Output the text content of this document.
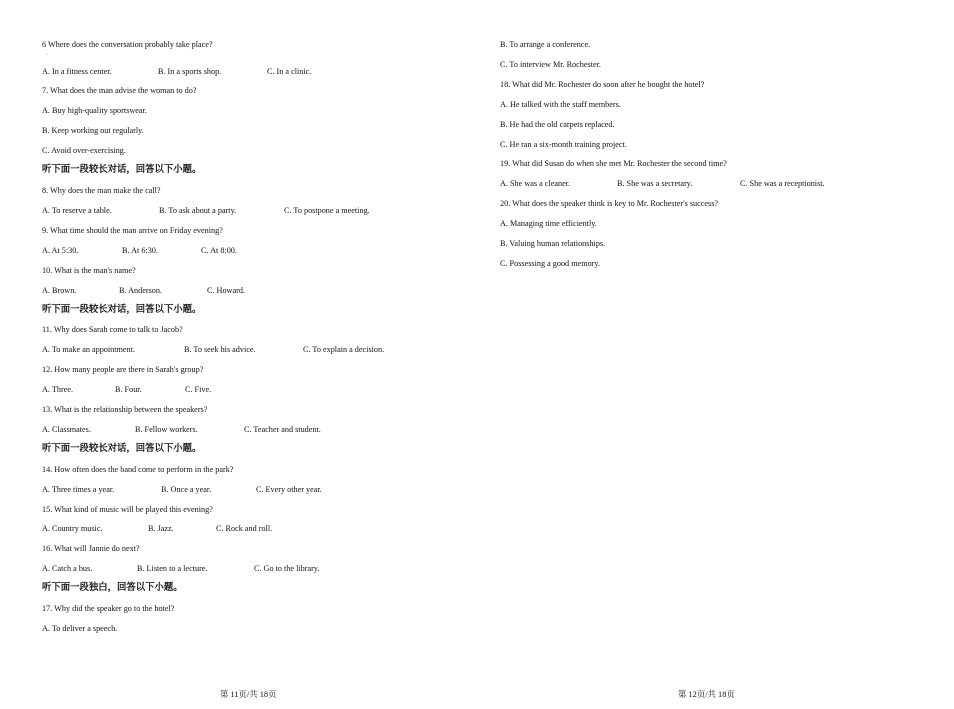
6 Where does the conversation probably take place?
·
A. In a fitness center.	B. In a sports shop.	C. In a clinic.
7. What does the man advise the woman to do?
A. Buy high-quality sportswear.
B. Keep working out regularly.
C. Avoid over-exercising.
听下面一段较长对话，回答以下小题。
8. Why does the man make the call?
A. To reserve a table.	B. To ask about a party.	C. To postpone a meeting.
9. What time should the man arrive on Friday evening?
A. At 5:30.	B. At 6:30.	C. At 8:00.
10. What is the man's name?
A. Brown.	B. Anderson.	C. Howard.
听下面一段较长对话，回答以下小题。
11. Why does Sarah come to talk to Jacob?
A. To make an appointment.	B. To seek his advice.	C. To explain a decision.
12. How many people are there in Sarah's group?
A. Three.	B. Four.	C. Five.
13. What is the relationship between the speakers?
A. Classmates.	B. Fellow workers.	C. Teacher and student.
听下面一段较长对话，回答以下小题。
14. How often does the band come to perform in the park?
A. Three times a year.	B. Once a year.	C. Every other year.
15. What kind of music will be played this evening?
A. Country music.	B. Jazz.	C. Rock and roll.
16. What will Jannie do next?
A. Catch a bus.	B. Listen to a lecture.	C. Go to the library.
听下面一段独白，回答以下小题。
17. Why did the speaker go to the hotel?
A. To deliver a speech.
第 11页/共 18页
B. To arrange a conference.
C. To interview Mr. Rochester.
18. What did Mr. Rochester do soon after he bought the hotel?
A. He talked with the staff members.
B. He had the old carpets replaced.
C. He ran a six-month training project.
19. What did Susan do when she met Mr. Rochester the second time?
A. She was a cleaner.	B. She was a secretary.	C. She was a receptionist.
20. What does the speaker think is key to Mr. Rochester's success?
A. Managing time efficiently.
B. Valuing human relationships.
C. Possessing a good memory.
第 12页/共 18页
